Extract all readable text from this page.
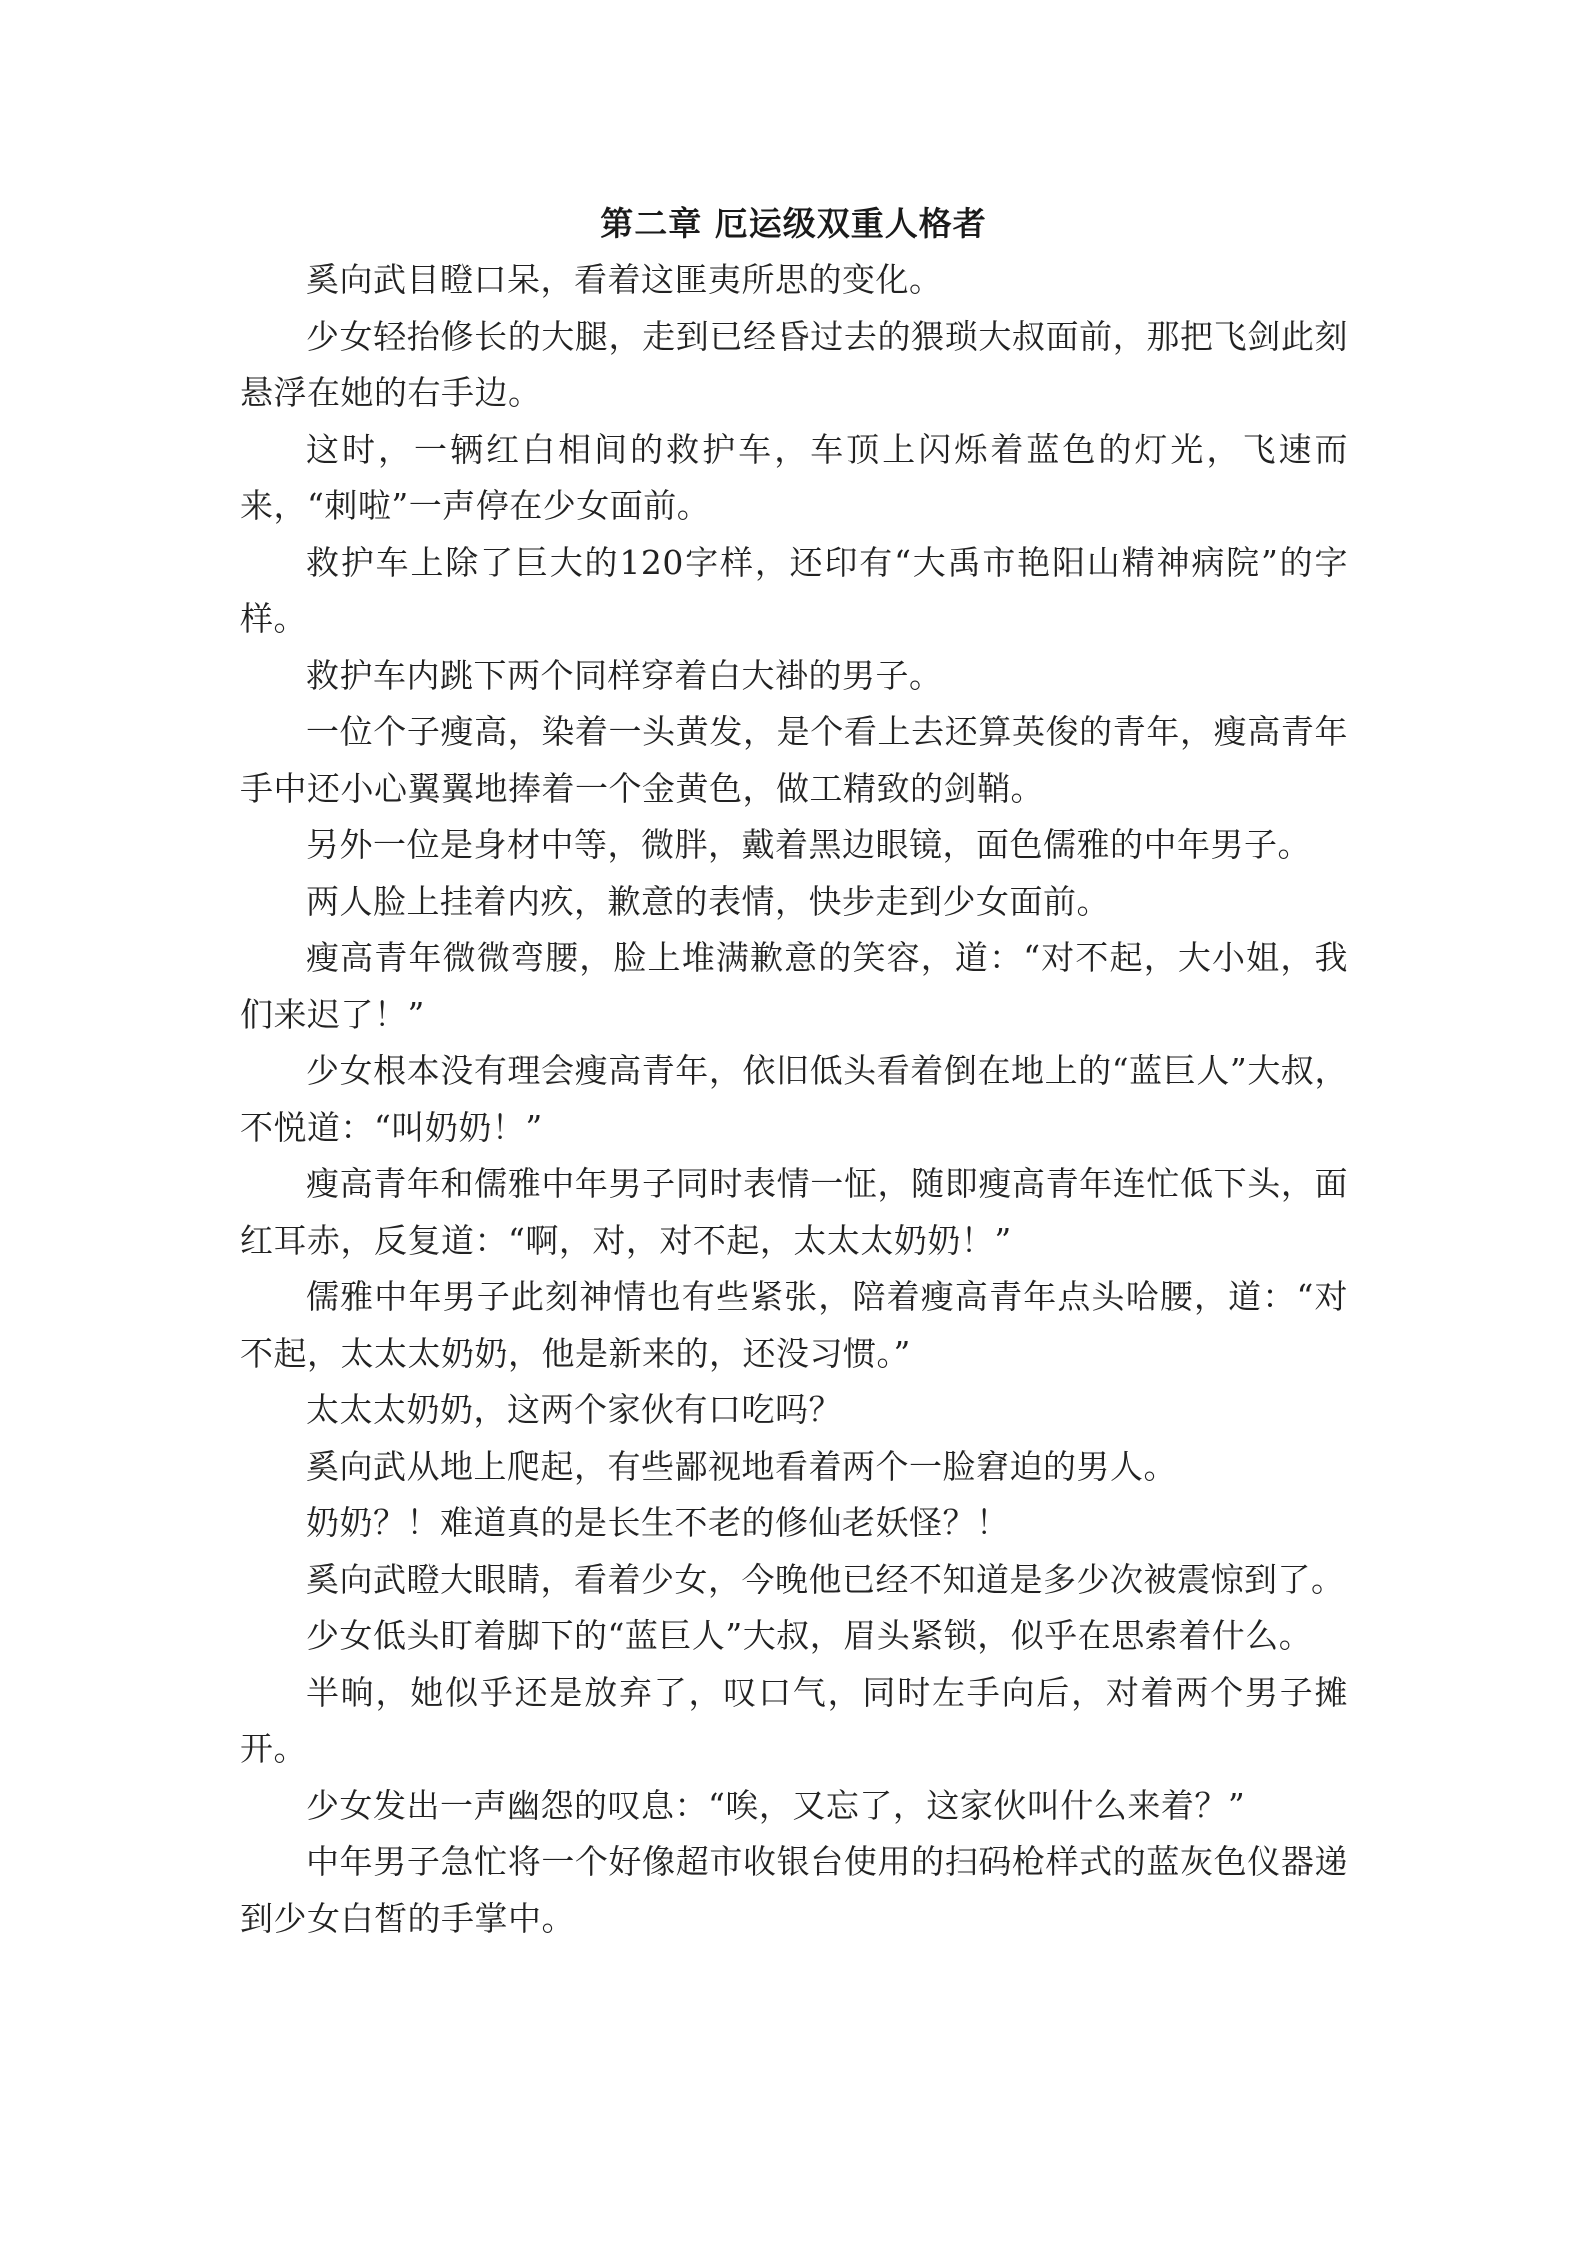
第二章 厄运级双重人格者

奚向武目瞪口呆，看着这匪夷所思的变化。

少女轻抬修长的大腿，走到已经昏过去的猥琐大叔面前，那把飞剑此刻悬浮在她的右手边。

这时，一辆红白相间的救护车，车顶上闪烁着蓝色的灯光，飞速而来，“刺啦”一声停在少女面前。

救护车上除了巨大的120字样，还印有“大禹市艳阳山精神病院”的字样。

救护车内跳下两个同样穿着白大褂的男子。

一位个子瘦高，染着一头黄发，是个看上去还算英俊的青年，瘦高青年手中还小心翼翼地捧着一个金黄色，做工精致的剑鞘。

另外一位是身材中等，微胖，戴着黑边眼镜，面色儒雅的中年男子。

两人脸上挂着内疚，歉意的表情，快步走到少女面前。

瘦高青年微微弯腰，脸上堆满歉意的笑容，道：“对不起，大小姐，我们来迟了！”

少女根本没有理会瘦高青年，依旧低头看着倒在地上的“蓝巨人”大叔，不悦道：“叫奶奶！”

瘦高青年和儒雅中年男子同时表情一怔，随即瘦高青年连忙低下头，面红耳赤，反复道：“啊，对，对不起，太太太奶奶！”

儒雅中年男子此刻神情也有些紧张，陪着瘦高青年点头哈腰，道：“对不起，太太太奶奶，他是新来的，还没习惯。”

太太太奶奶，这两个家伙有口吃吗？

奚向武从地上爬起，有些鄙视地看着两个一脸窘迫的男人。

奶奶？！难道真的是长生不老的修仙老妖怪？！

奚向武瞪大眼睛，看着少女，今晚他已经不知道是多少次被震惊到了。

少女低头盯着脚下的“蓝巨人”大叔，眉头紧锁，似乎在思索着什么。

半晌，她似乎还是放弃了，叹口气，同时左手向后，对着两个男子摊开。

少女发出一声幽怨的叹息：“唉，又忘了，这家伙叫什么来着？”

中年男子急忙将一个好像超市收银台使用的扫码枪样式的蓝灰色仪器递到少女白皙的手掌中。
